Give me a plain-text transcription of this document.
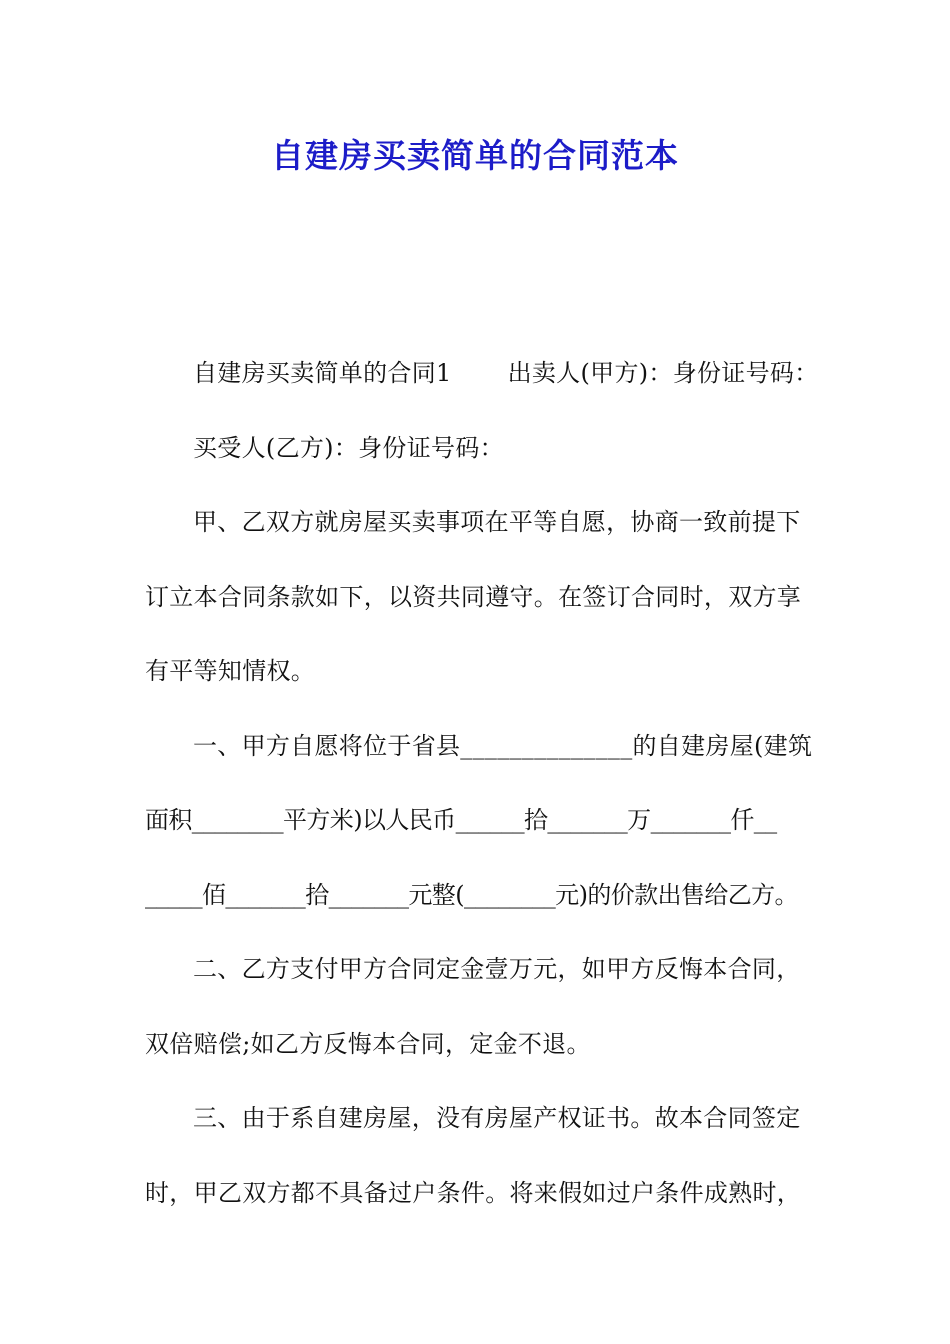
自建房买卖简单的合同范本
自建房买卖简单的合同1 出卖人(甲方)：身份证号码：
买受人(乙方)：身份证号码：
甲、乙双方就房屋买卖事项在平等自愿，协商一致前提下
订立本合同条款如下，以资共同遵守。在签订合同时，双方享
有平等知情权。
一、甲方自愿将位于省县______________的自建房屋(建筑
面积________平方米)以人民币______拾_______万_______仟__
_____佰_______拾_______元整(________元)的价款出售给乙方。
二、乙方支付甲方合同定金壹万元，如甲方反悔本合同，
双倍赔偿;如乙方反悔本合同，定金不退。
三、由于系自建房屋，没有房屋产权证书。故本合同签定
时，甲乙双方都不具备过户条件。将来假如过户条件成熟时，
